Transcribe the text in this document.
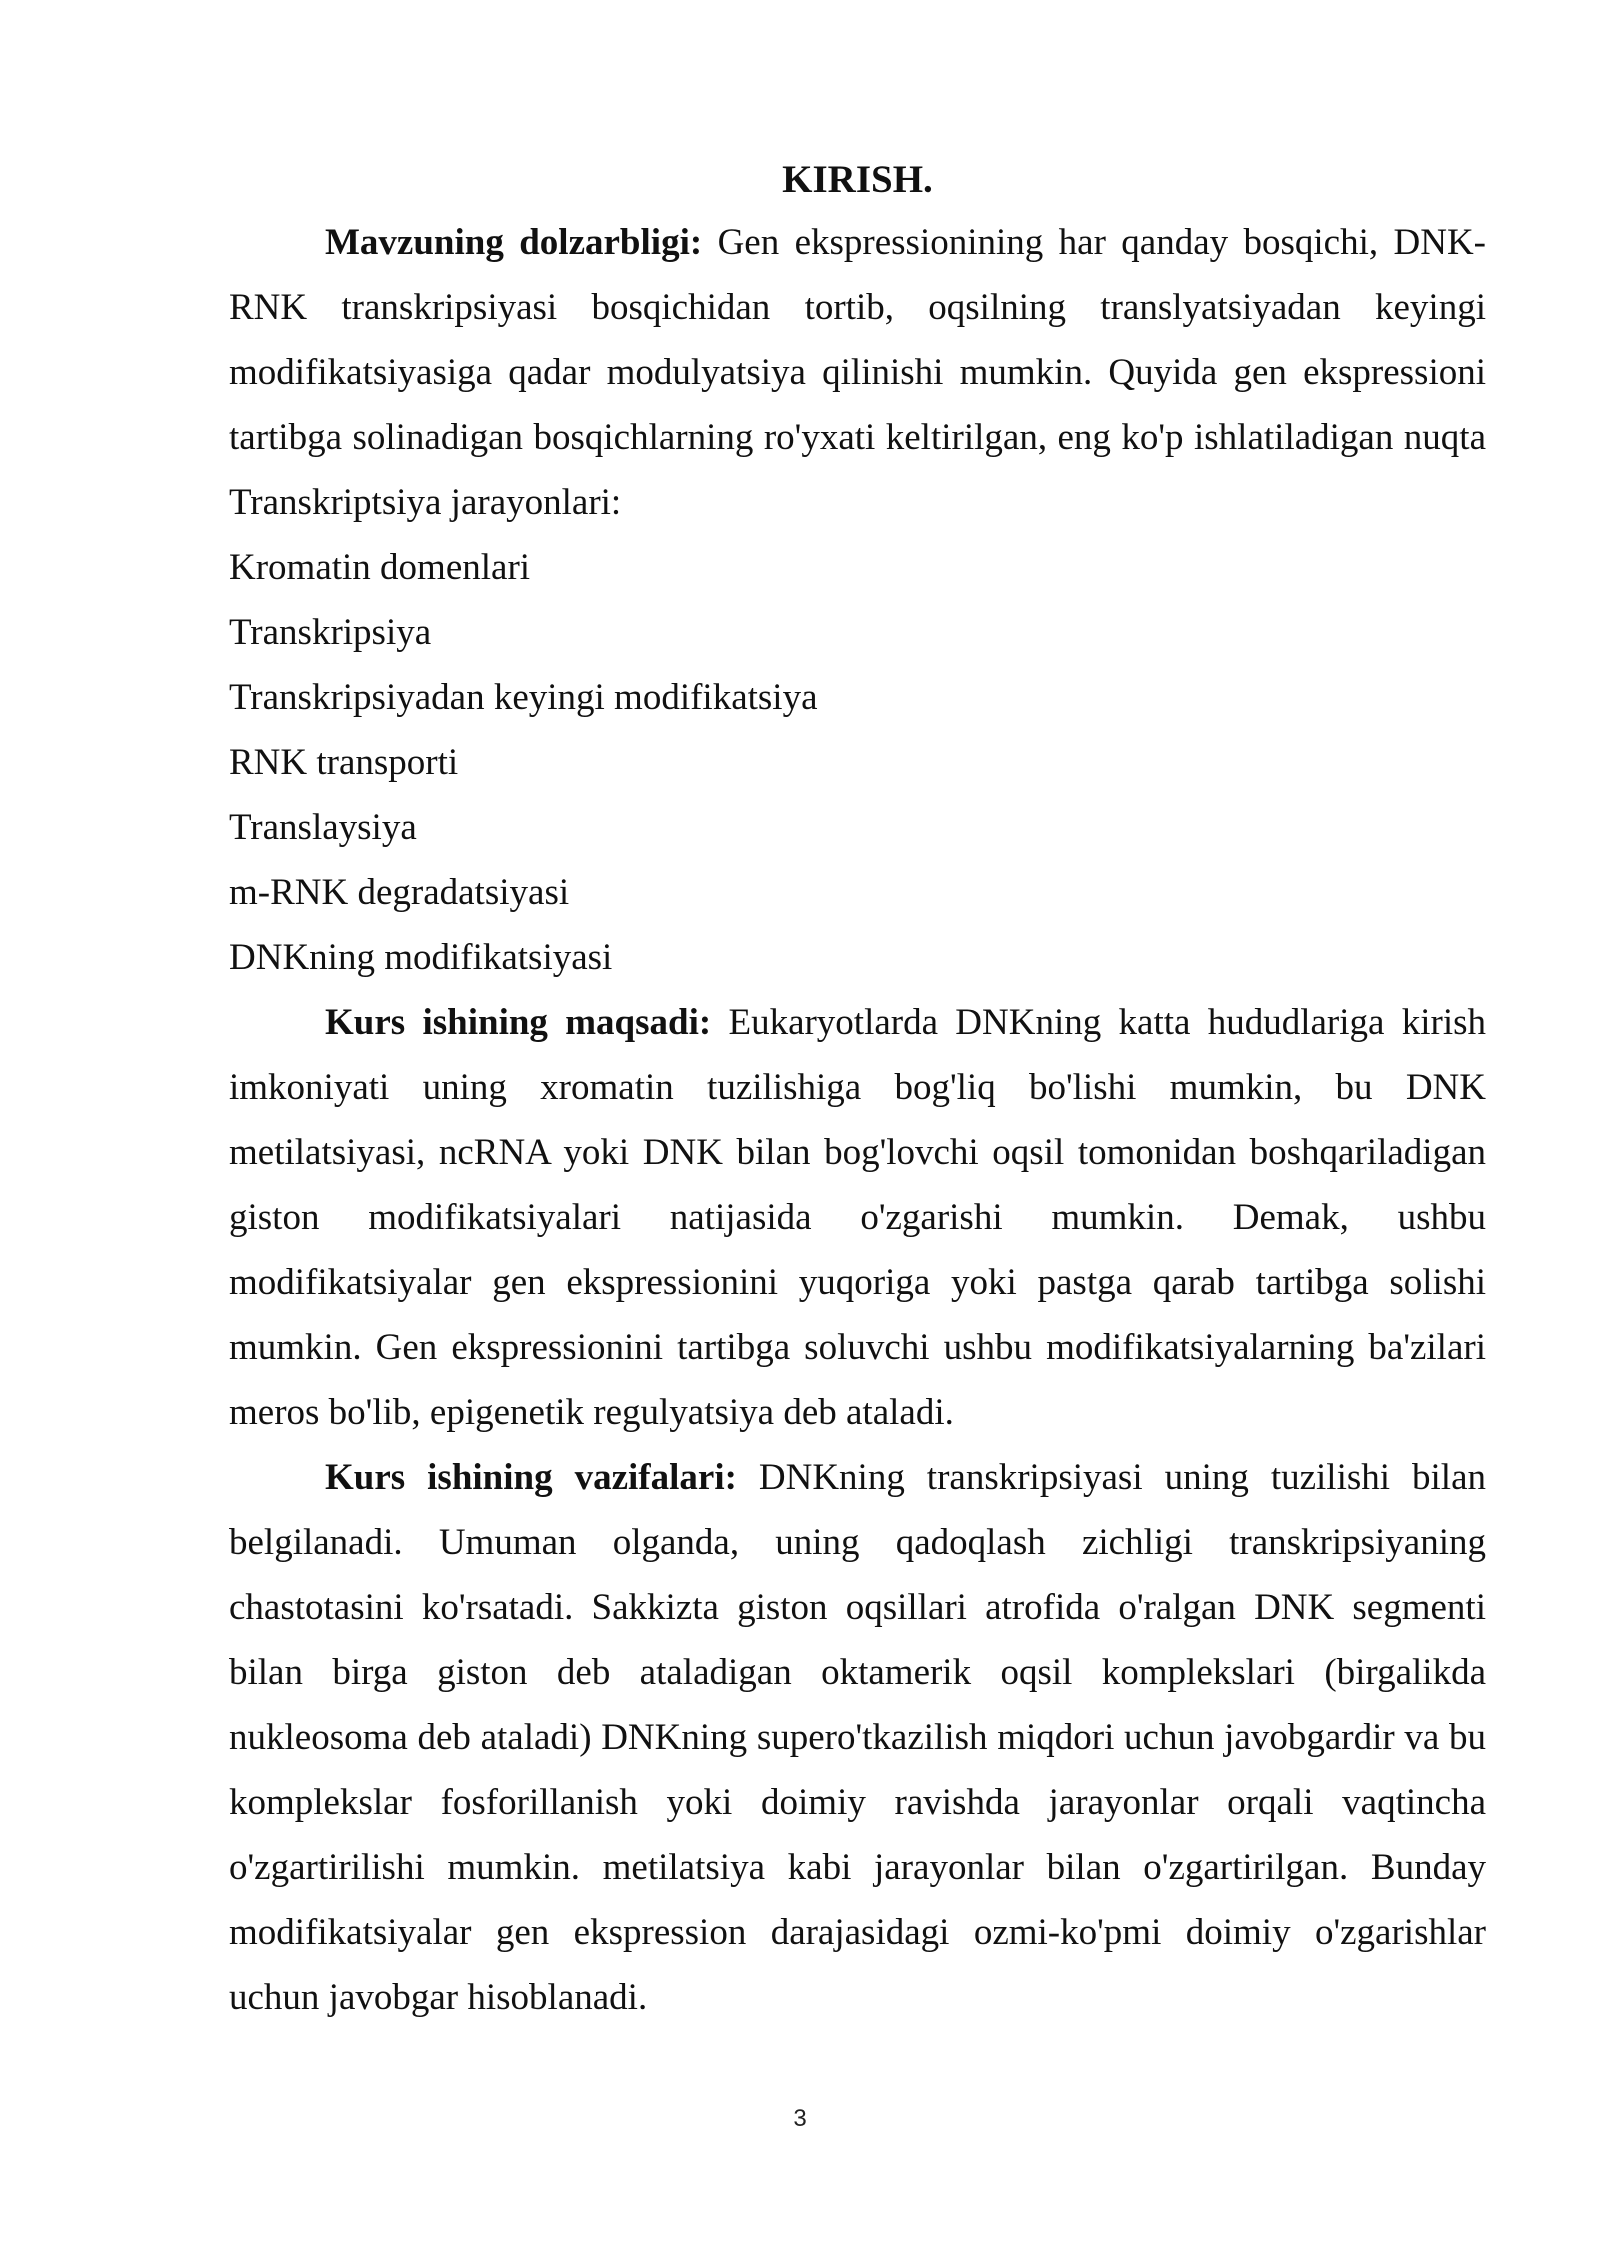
KIRISH.

Mavzuning dolzarbligi: Gen ekspressionining har qanday bosqichi, DNK-RNK transkripsiyasi bosqichidan tortib, oqsilning translyatsiyadan keyingi modifikatsiyasiga qadar modulyatsiya qilinishi mumkin. Quyida gen ekspressioni tartibga solinadigan bosqichlarning ro'yxati keltirilgan, eng ko'p ishlatiladigan nuqta Transkriptsiya jarayonlari:

Kromatin domenlari
Transkripsiya
Transkripsiyadan keyingi modifikatsiya
RNK transporti
Translaysiya
m-RNK degradatsiyasi
DNKning modifikatsiyasi

Kurs ishining maqsadi: Eukaryotlarda DNKning katta hududlariga kirish imkoniyati uning xromatin tuzilishiga bog'liq bo'lishi mumkin, bu DNK metilatsiyasi, ncRNA yoki DNK bilan bog'lovchi oqsil tomonidan boshqariladigan giston modifikatsiyalari natijasida o'zgarishi mumkin. Demak, ushbu modifikatsiyalar gen ekspressionini yuqoriga yoki pastga qarab tartibga solishi mumkin. Gen ekspressionini tartibga soluvchi ushbu modifikatsiyalarning ba'zilari meros bo'lib, epigenetik regulyatsiya deb ataladi.

Kurs ishining vazifalari: DNKning transkripsiyasi uning tuzilishi bilan belgilanadi. Umuman olganda, uning qadoqlash zichligi transkripsiyaning chastotasini ko'rsatadi. Sakkizta giston oqsillari atrofida o'ralgan DNK segmenti bilan birga giston deb ataladigan oktamerik oqsil komplekslari (birgalikda nukleosoma deb ataladi) DNKning supero'tkazilish miqdori uchun javobgardir va bu komplekslar fosforillanish yoki doimiy ravishda jarayonlar orqali vaqtincha o'zgartirilishi mumkin. metilatsiya kabi jarayonlar bilan o'zgartirilgan. Bunday modifikatsiyalar gen ekspression darajasidagi ozmi-ko'pmi doimiy o'zgarishlar uchun javobgar hisoblanadi.

3
